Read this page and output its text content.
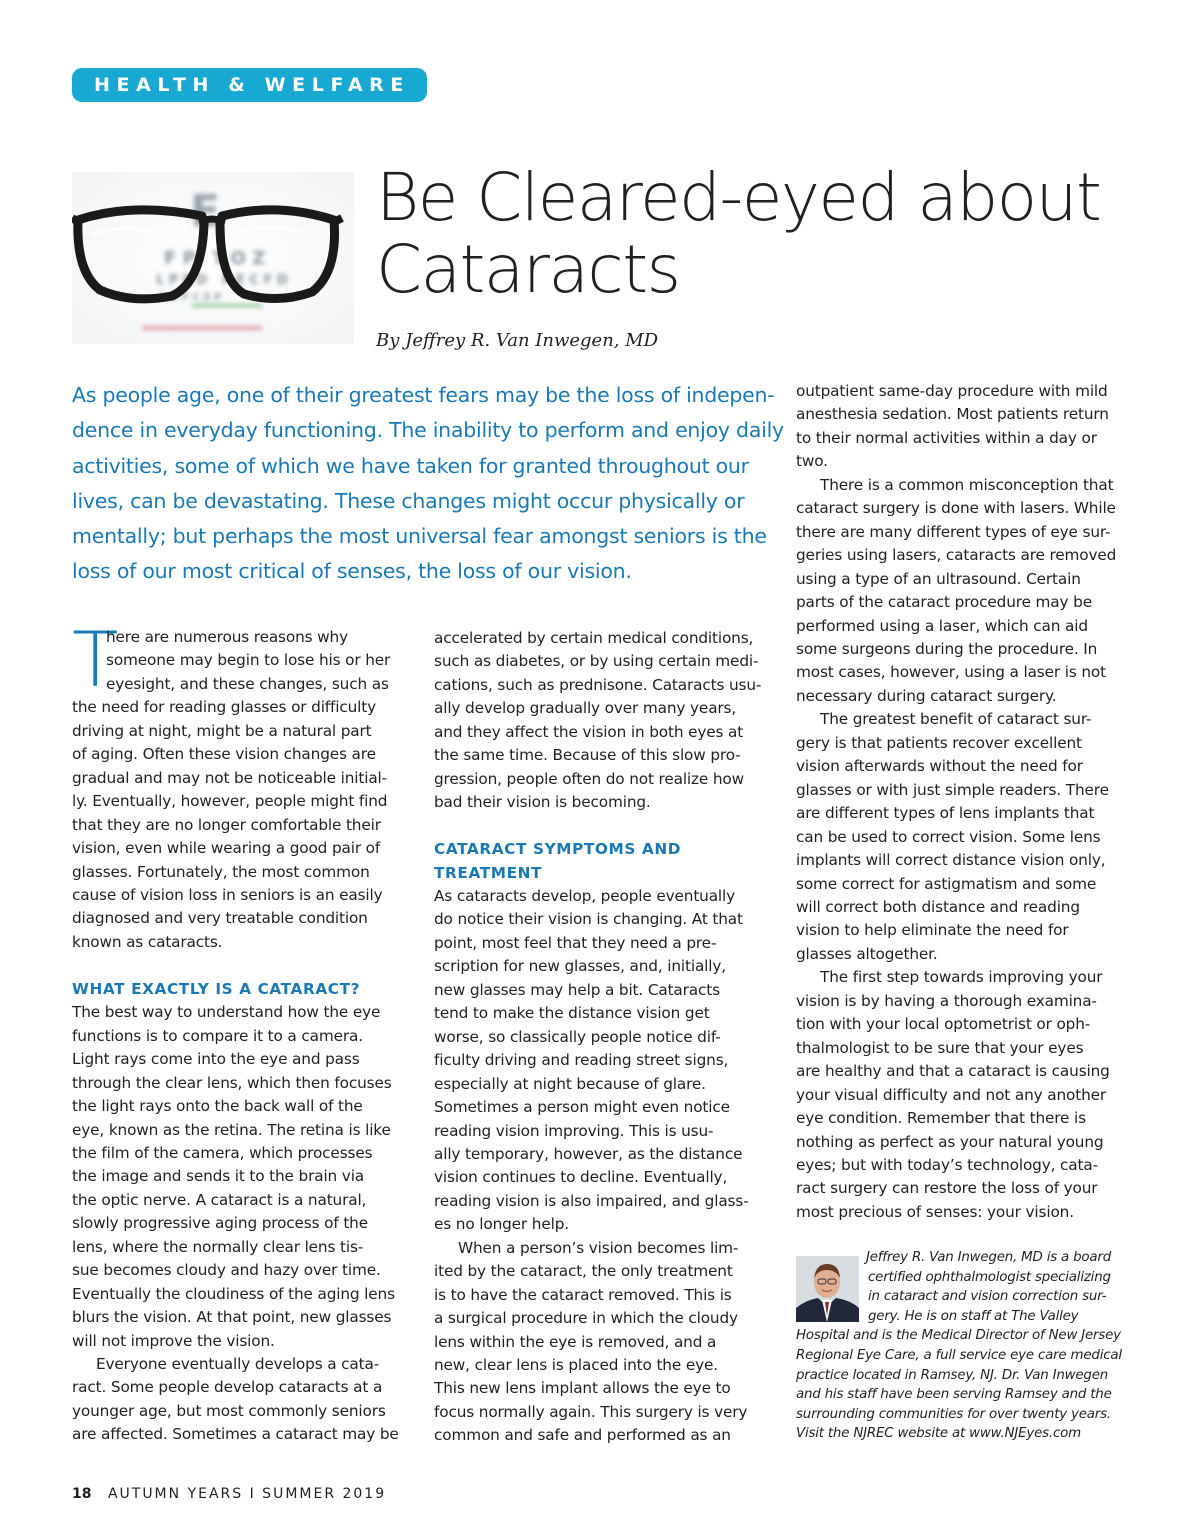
HEALTH & WELFARE
E
F P T O Z
L P E D P E C F D
E D F C Z P
Be Cleared-eyed about
Cataracts
By Jeffrey R. Van Inwegen, MD
As people age, one of their greatest fears may be the loss of indepen-
dence in everyday functioning. The inability to perform and enjoy daily
activities, some of which we have taken for granted throughout our
lives, can be devastating. These changes might occur physically or
mentally; but perhaps the most universal fear amongst seniors is the
loss of our most critical of senses, the loss of our vision.
T
here are numerous reasons why
someone may begin to lose his or her
eyesight, and these changes, such as
the need for reading glasses or difficulty
driving at night, might be a natural part
of aging. Often these vision changes are
gradual and may not be noticeable initial-
ly. Eventually, however, people might find
that they are no longer comfortable their
vision, even while wearing a good pair of
glasses. Fortunately, the most common
cause of vision loss in seniors is an easily
diagnosed and very treatable condition
known as cataracts.
WHAT EXACTLY IS A CATARACT?
The best way to understand how the eye
functions is to compare it to a camera.
Light rays come into the eye and pass
through the clear lens, which then focuses
the light rays onto the back wall of the
eye, known as the retina. The retina is like
the film of the camera, which processes
the image and sends it to the brain via
the optic nerve. A cataract is a natural,
slowly progressive aging process of the
lens, where the normally clear lens tis-
sue becomes cloudy and hazy over time.
Eventually the cloudiness of the aging lens
blurs the vision. At that point, new glasses
will not improve the vision.
Everyone eventually develops a cata-
ract. Some people develop cataracts at a
younger age, but most commonly seniors
are affected. Sometimes a cataract may be
accelerated by certain medical conditions,
such as diabetes, or by using certain medi-
cations, such as prednisone. Cataracts usu-
ally develop gradually over many years,
and they affect the vision in both eyes at
the same time. Because of this slow pro-
gression, people often do not realize how
bad their vision is becoming.
CATARACT SYMPTOMS AND
TREATMENT
As cataracts develop, people eventually
do notice their vision is changing. At that
point, most feel that they need a pre-
scription for new glasses, and, initially,
new glasses may help a bit. Cataracts
tend to make the distance vision get
worse, so classically people notice dif-
ficulty driving and reading street signs,
especially at night because of glare.
Sometimes a person might even notice
reading vision improving. This is usu-
ally temporary, however, as the distance
vision continues to decline. Eventually,
reading vision is also impaired, and glass-
es no longer help.
When a person’s vision becomes lim-
ited by the cataract, the only treatment
is to have the cataract removed. This is
a surgical procedure in which the cloudy
lens within the eye is removed, and a
new, clear lens is placed into the eye.
This new lens implant allows the eye to
focus normally again. This surgery is very
common and safe and performed as an
outpatient same-day procedure with mild
anesthesia sedation. Most patients return
to their normal activities within a day or
two.
There is a common misconception that
cataract surgery is done with lasers. While
there are many different types of eye sur-
geries using lasers, cataracts are removed
using a type of an ultrasound. Certain
parts of the cataract procedure may be
performed using a laser, which can aid
some surgeons during the procedure. In
most cases, however, using a laser is not
necessary during cataract surgery.
The greatest benefit of cataract sur-
gery is that patients recover excellent
vision afterwards without the need for
glasses or with just simple readers. There
are different types of lens implants that
can be used to correct vision. Some lens
implants will correct distance vision only,
some correct for astigmatism and some
will correct both distance and reading
vision to help eliminate the need for
glasses altogether.
The first step towards improving your
vision is by having a thorough examina-
tion with your local optometrist or oph-
thalmologist to be sure that your eyes
are healthy and that a cataract is causing
your visual difficulty and not any another
eye condition. Remember that there is
nothing as perfect as your natural young
eyes; but with today’s technology, cata-
ract surgery can restore the loss of your
most precious of senses: your vision.
Jeffrey R. Van Inwegen, MD is a board
certified ophthalmologist specializing
in cataract and vision correction sur-
gery. He is on staff at The Valley
Hospital and is the Medical Director of New Jersey
Regional Eye Care, a full service eye care medical
practice located in Ramsey, NJ. Dr. Van Inwegen
and his staff have been serving Ramsey and the
surrounding communities for over twenty years.
Visit the NJREC website at www.NJEyes.com
18 AUTUMN YEARS I SUMMER 2019
